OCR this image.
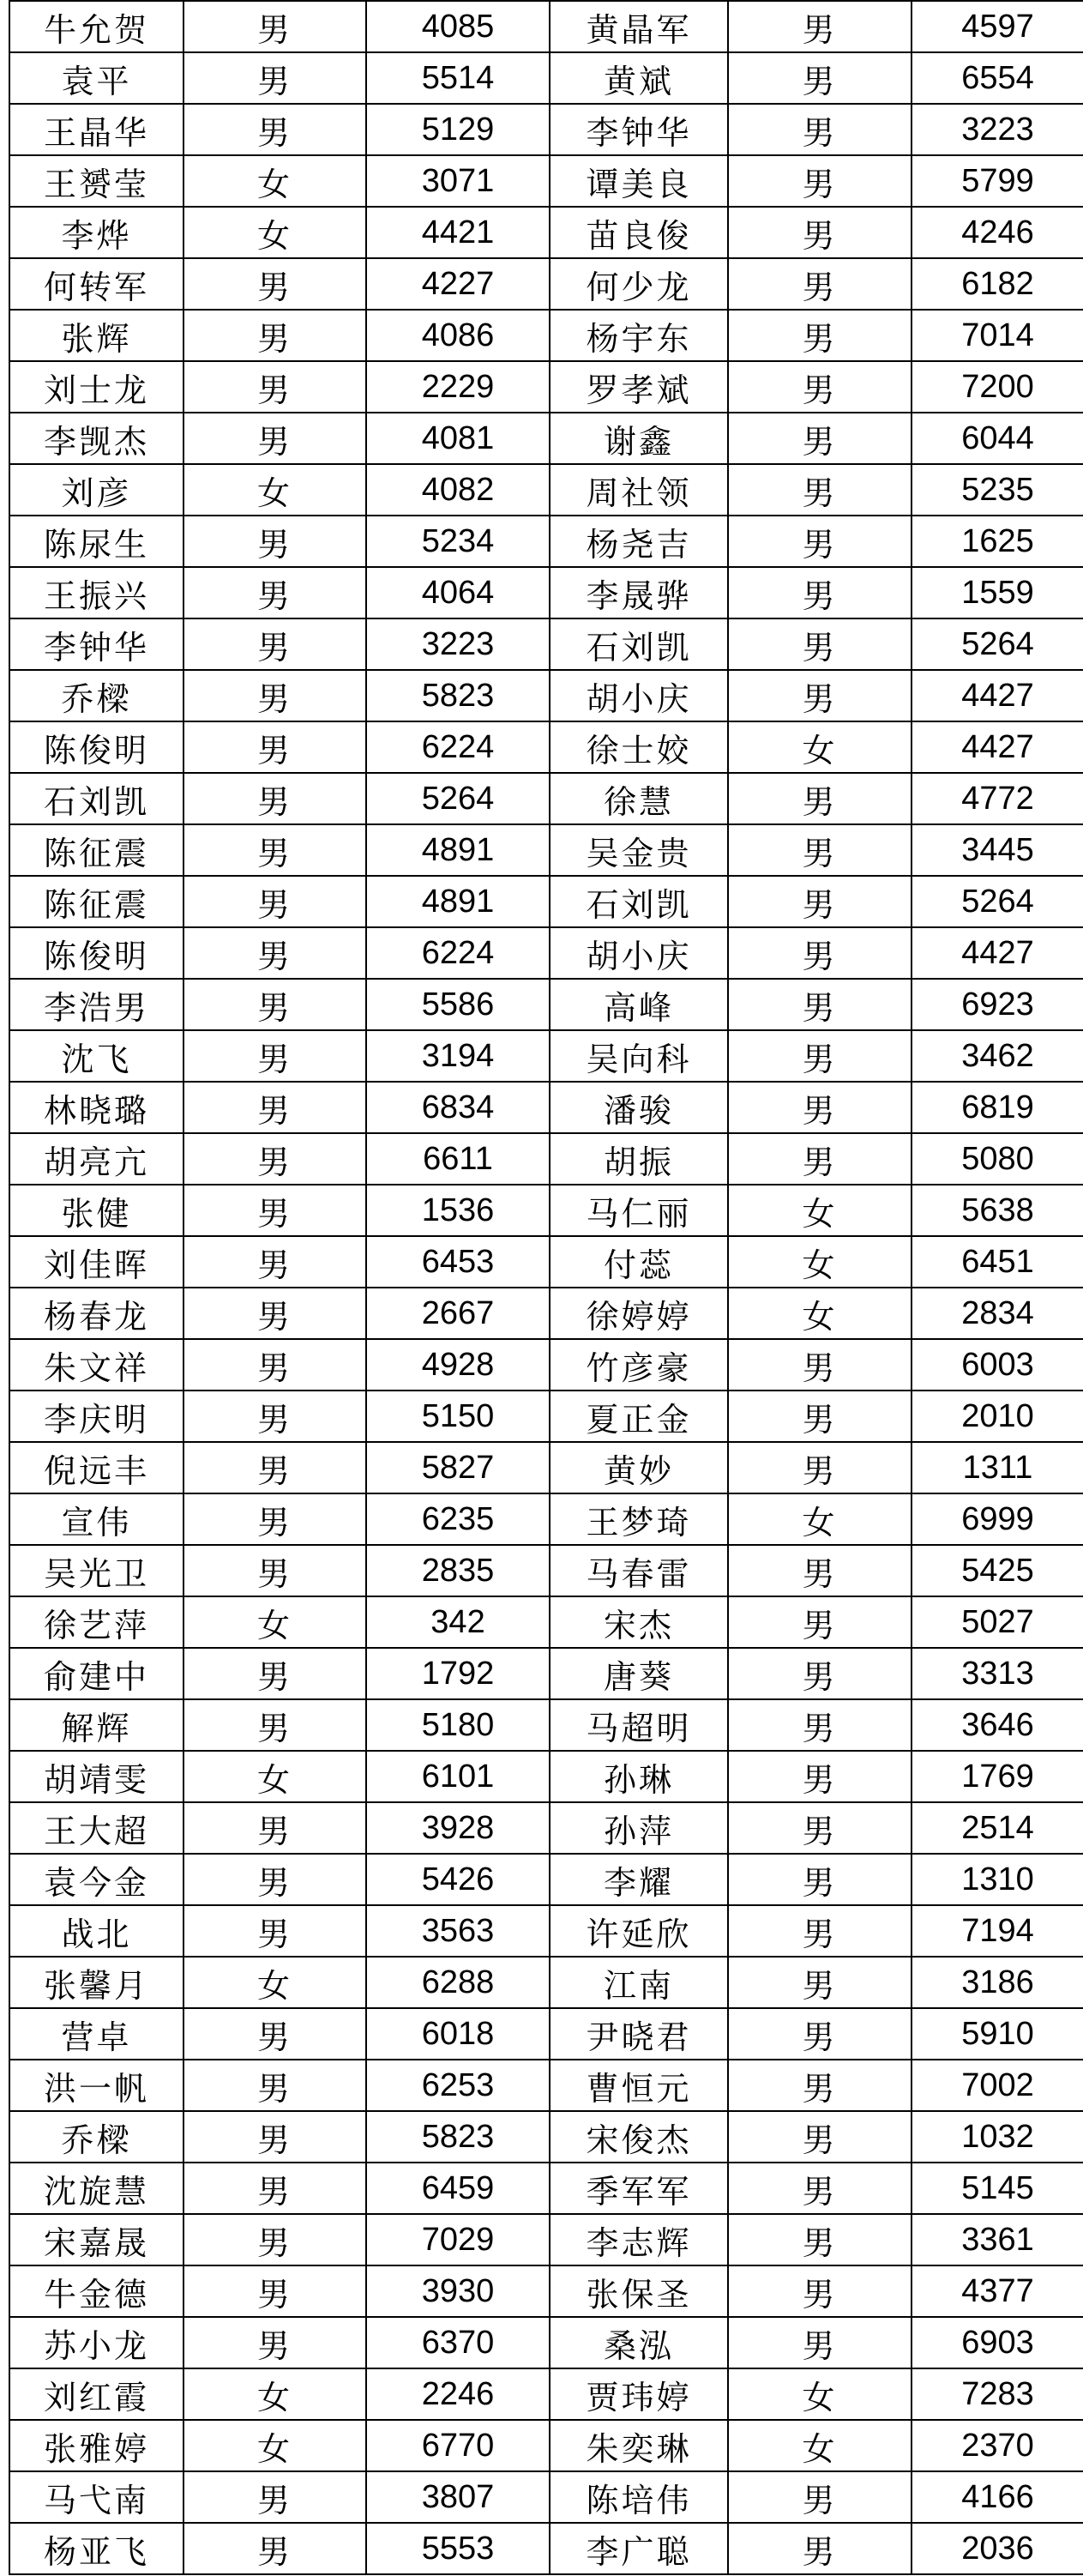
牛允贺	男	4085	黄晶军	男	4597
袁平	男	5514	黄斌	男	6554
王晶华	男	5129	李钟华	男	3223
王赟莹	女	3071	谭美良	男	5799
李烨	女	4421	苗良俊	男	4246
何转军	男	4227	何少龙	男	6182
张辉	男	4086	杨宇东	男	7014
刘士龙	男	2229	罗孝斌	男	7200
李觊杰	男	4081	谢鑫	男	6044
刘彦	女	4082	周社领	男	5235
陈尿生	男	5234	杨尧吉	男	1625
王振兴	男	4064	李晟骅	男	1559
李钟华	男	3223	石刘凯	男	5264
乔樑	男	5823	胡小庆	男	4427
陈俊明	男	6224	徐士姣	女	4427
石刘凯	男	5264	徐慧	男	4772
陈征震	男	4891	吴金贵	男	3445
陈征震	男	4891	石刘凯	男	5264
陈俊明	男	6224	胡小庆	男	4427
李浩男	男	5586	高峰	男	6923
沈飞	男	3194	吴向科	男	3462
林晓璐	男	6834	潘骏	男	6819
胡亮亢	男	6611	胡振	男	5080
张健	男	1536	马仁丽	女	5638
刘佳晖	男	6453	付蕊	女	6451
杨春龙	男	2667	徐婷婷	女	2834
朱文祥	男	4928	竹彦豪	男	6003
李庆明	男	5150	夏正金	男	2010
倪远丰	男	5827	黄妙	男	1311
宣伟	男	6235	王梦琦	女	6999
吴光卫	男	2835	马春雷	男	5425
徐艺萍	女	342	宋杰	男	5027
俞建中	男	1792	唐葵	男	3313
解辉	男	5180	马超明	男	3646
胡靖雯	女	6101	孙琳	男	1769
王大超	男	3928	孙萍	男	2514
袁今金	男	5426	李耀	男	1310
战北	男	3563	许延欣	男	7194
张馨月	女	6288	江南	男	3186
营卓	男	6018	尹晓君	男	5910
洪一帆	男	6253	曹恒元	男	7002
乔樑	男	5823	宋俊杰	男	1032
沈旋慧	男	6459	季军军	男	5145
宋嘉晟	男	7029	李志辉	男	3361
牛金德	男	3930	张保圣	男	4377
苏小龙	男	6370	桑泓	男	6903
刘红霞	女	2246	贾玮婷	女	7283
张雅婷	女	6770	朱奕琳	女	2370
马弋南	男	3807	陈培伟	男	4166
杨亚飞	男	5553	李广聪	男	2036
